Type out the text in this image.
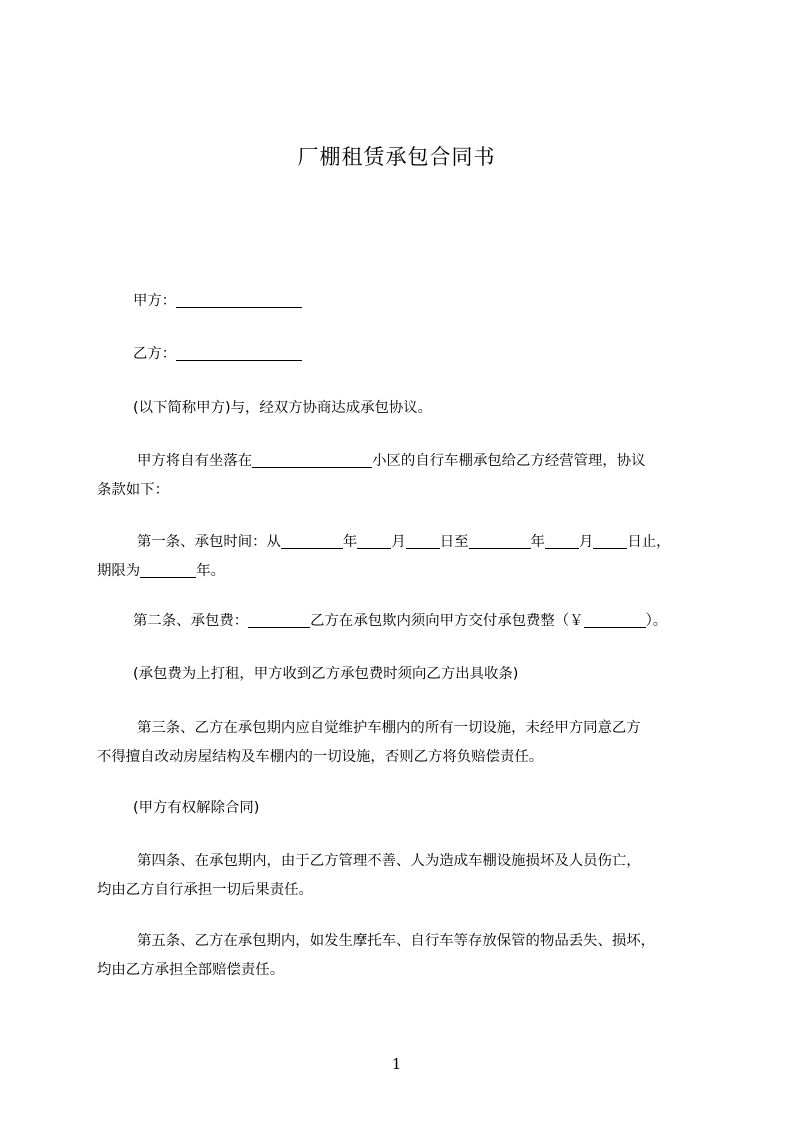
厂棚租赁承包合同书

甲方：

乙方：

(以下简称甲方)与，经双方协商达成承包协议。

甲方将自有坐落在	小区的自行车棚承包给乙方经营管理，协议
条款如下：

第一条、承包时间：从	年 月 日至	年 月 日止，
期限为	年。

第二条、承包费：	乙方在承包欺内须向甲方交付承包费整（￥	）。

(承包费为上打租，甲方收到乙方承包费时须向乙方出具收条)

第三条、乙方在承包期内应自觉维护车棚内的所有一切设施，未经甲方同意乙方
不得擅自改动房屋结构及车棚内的一切设施，否则乙方将负赔偿责任。

(甲方有权解除合同)

第四条、在承包期内，由于乙方管理不善、人为造成车棚设施损坏及人员伤亡，
均由乙方自行承担一切后果责任。

第五条、乙方在承包期内，如发生摩托车、自行车等存放保管的物品丢失、损坏，
均由乙方承担全部赔偿责任。

1
